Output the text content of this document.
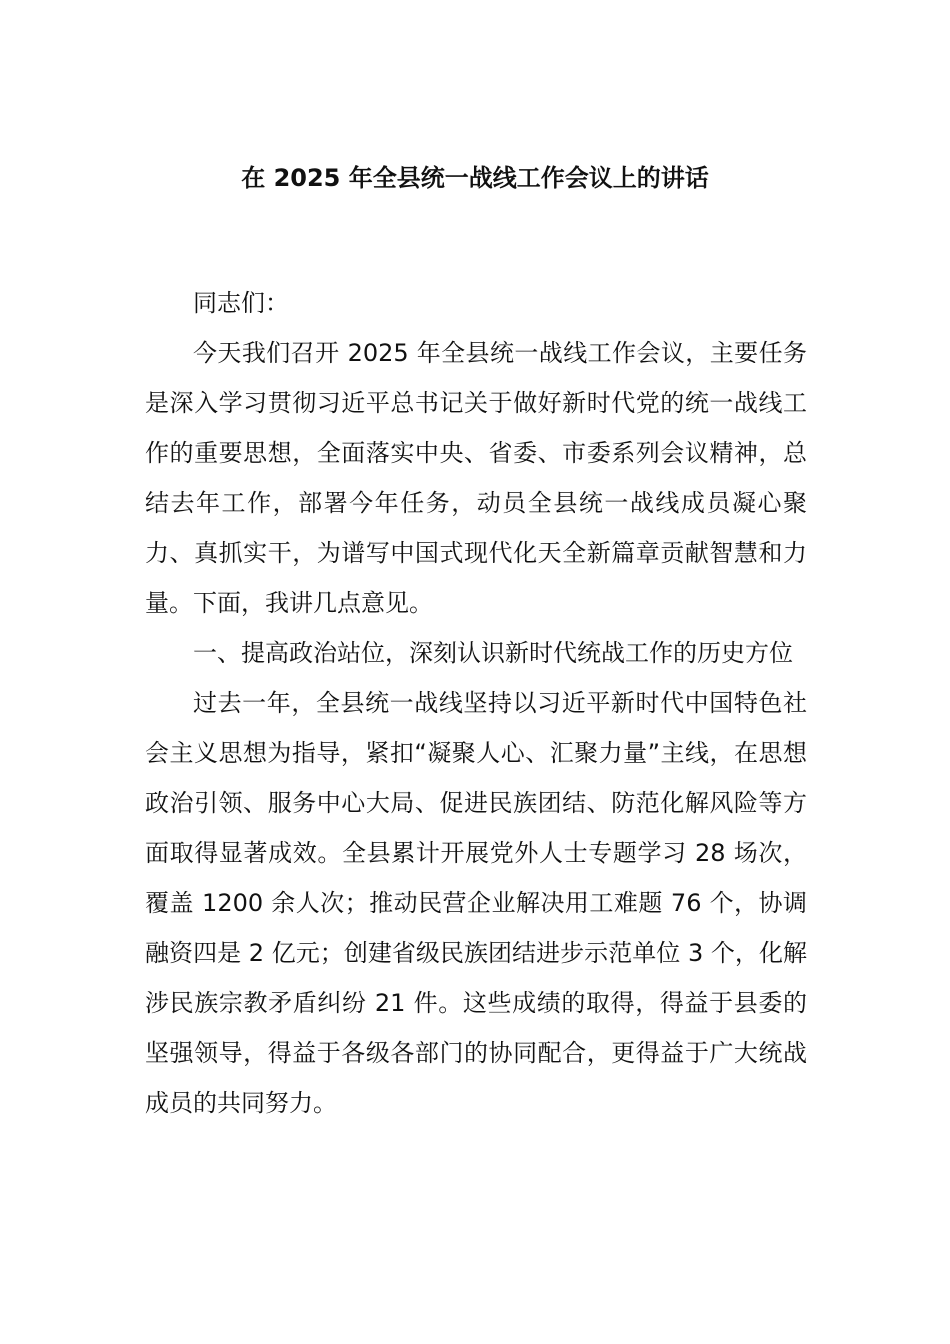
在 2025 年全县统一战线工作会议上的讲话

同志们：

今天我们召开 2025 年全县统一战线工作会议，主要任务是深入学习贯彻习近平总书记关于做好新时代党的统一战线工作的重要思想，全面落实中央、省委、市委系列会议精神，总结去年工作，部署今年任务，动员全县统一战线成员凝心聚力、真抓实干，为谱写中国式现代化天全新篇章贡献智慧和力量。下面，我讲几点意见。

一、提高政治站位，深刻认识新时代统战工作的历史方位

过去一年，全县统一战线坚持以习近平新时代中国特色社会主义思想为指导，紧扣“凝聚人心、汇聚力量”主线，在思想政治引领、服务中心大局、促进民族团结、防范化解风险等方面取得显著成效。全县累计开展党外人士专题学习 28 场次，覆盖 1200 余人次；推动民营企业解决用工难题 76 个，协调融资四是 2 亿元；创建省级民族团结进步示范单位 3 个，化解涉民族宗教矛盾纠纷 21 件。这些成绩的取得，得益于县委的坚强领导，得益于各级各部门的协同配合，更得益于广大统战成员的共同努力。
